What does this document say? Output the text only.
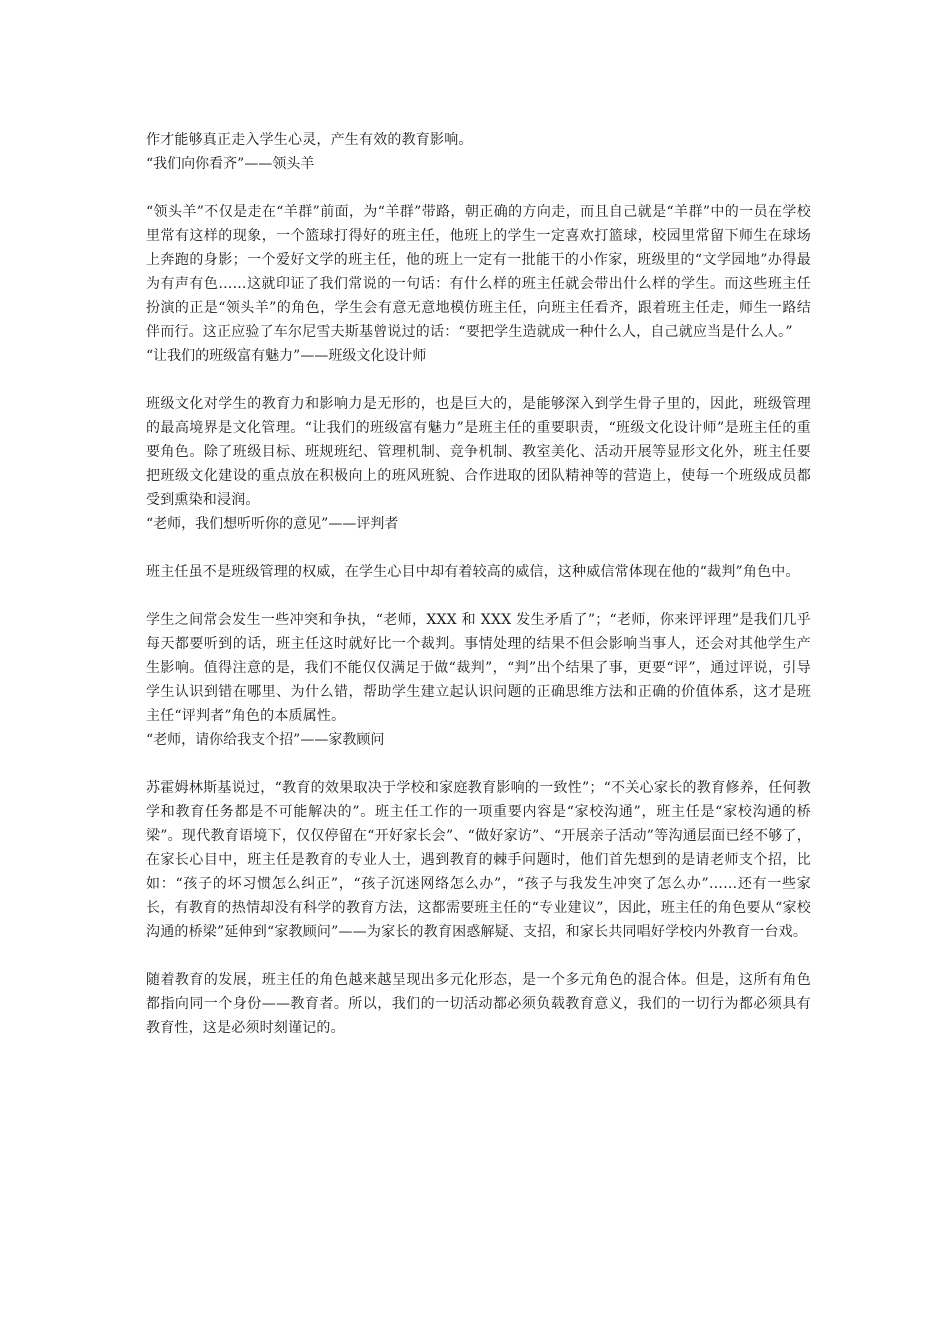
作才能够真正走入学生心灵，产生有效的教育影响。

“我们向你看齐”——领头羊

“领头羊”不仅是走在“羊群”前面，为“羊群”带路，朝正确的方向走，而且自己就是“羊群”中的一员在学校里常有这样的现象，一个篮球打得好的班主任，他班上的学生一定喜欢打篮球，校园里常留下师生在球场上奔跑的身影；一个爱好文学的班主任，他的班上一定有一批能干的小作家，班级里的“文学园地”办得最为有声有色……这就印证了我们常说的一句话：有什么样的班主任就会带出什么样的学生。而这些班主任扮演的正是“领头羊”的角色，学生会有意无意地模仿班主任，向班主任看齐，跟着班主任走，师生一路结伴而行。这正应验了车尔尼雪夫斯基曾说过的话：“要把学生造就成一种什么人，自己就应当是什么人。”

“让我们的班级富有魅力”——班级文化设计师

班级文化对学生的教育力和影响力是无形的，也是巨大的，是能够深入到学生骨子里的，因此，班级管理的最高境界是文化管理。“让我们的班级富有魅力”是班主任的重要职责，“班级文化设计师”是班主任的重要角色。除了班级目标、班规班纪、管理机制、竞争机制、教室美化、活动开展等显形文化外，班主任要把班级文化建设的重点放在积极向上的班风班貌、合作进取的团队精神等的营造上，使每一个班级成员都受到熏染和浸润。

“老师，我们想听听你的意见”——评判者

班主任虽不是班级管理的权威，在学生心目中却有着较高的威信，这种威信常体现在他的“裁判”角色中。

学生之间常会发生一些冲突和争执，“老师，XXX 和 XXX 发生矛盾了”；“老师，你来评评理”是我们几乎每天都要听到的话，班主任这时就好比一个裁判。事情处理的结果不但会影响当事人，还会对其他学生产生影响。值得注意的是，我们不能仅仅满足于做“裁判”，“判”出个结果了事，更要“评”，通过评说，引导学生认识到错在哪里、为什么错，帮助学生建立起认识问题的正确思维方法和正确的价值体系，这才是班主任“评判者”角色的本质属性。

“老师，请你给我支个招”——家教顾问

苏霍姆林斯基说过，“教育的效果取决于学校和家庭教育影响的一致性”；“不关心家长的教育修养，任何教学和教育任务都是不可能解决的”。班主任工作的一项重要内容是“家校沟通”，班主任是“家校沟通的桥梁”。现代教育语境下，仅仅停留在“开好家长会”、“做好家访”、“开展亲子活动”等沟通层面已经不够了，在家长心目中，班主任是教育的专业人士，遇到教育的棘手问题时，他们首先想到的是请老师支个招，比如：“孩子的坏习惯怎么纠正”，“孩子沉迷网络怎么办”，“孩子与我发生冲突了怎么办”……还有一些家长，有教育的热情却没有科学的教育方法，这都需要班主任的“专业建议”，因此，班主任的角色要从“家校沟通的桥梁”延伸到“家教顾问”——为家长的教育困惑解疑、支招，和家长共同唱好学校内外教育一台戏。

随着教育的发展，班主任的角色越来越呈现出多元化形态，是一个多元角色的混合体。但是，这所有角色都指向同一个身份——教育者。所以，我们的一切活动都必须负载教育意义，我们的一切行为都必须具有教育性，这是必须时刻谨记的。
